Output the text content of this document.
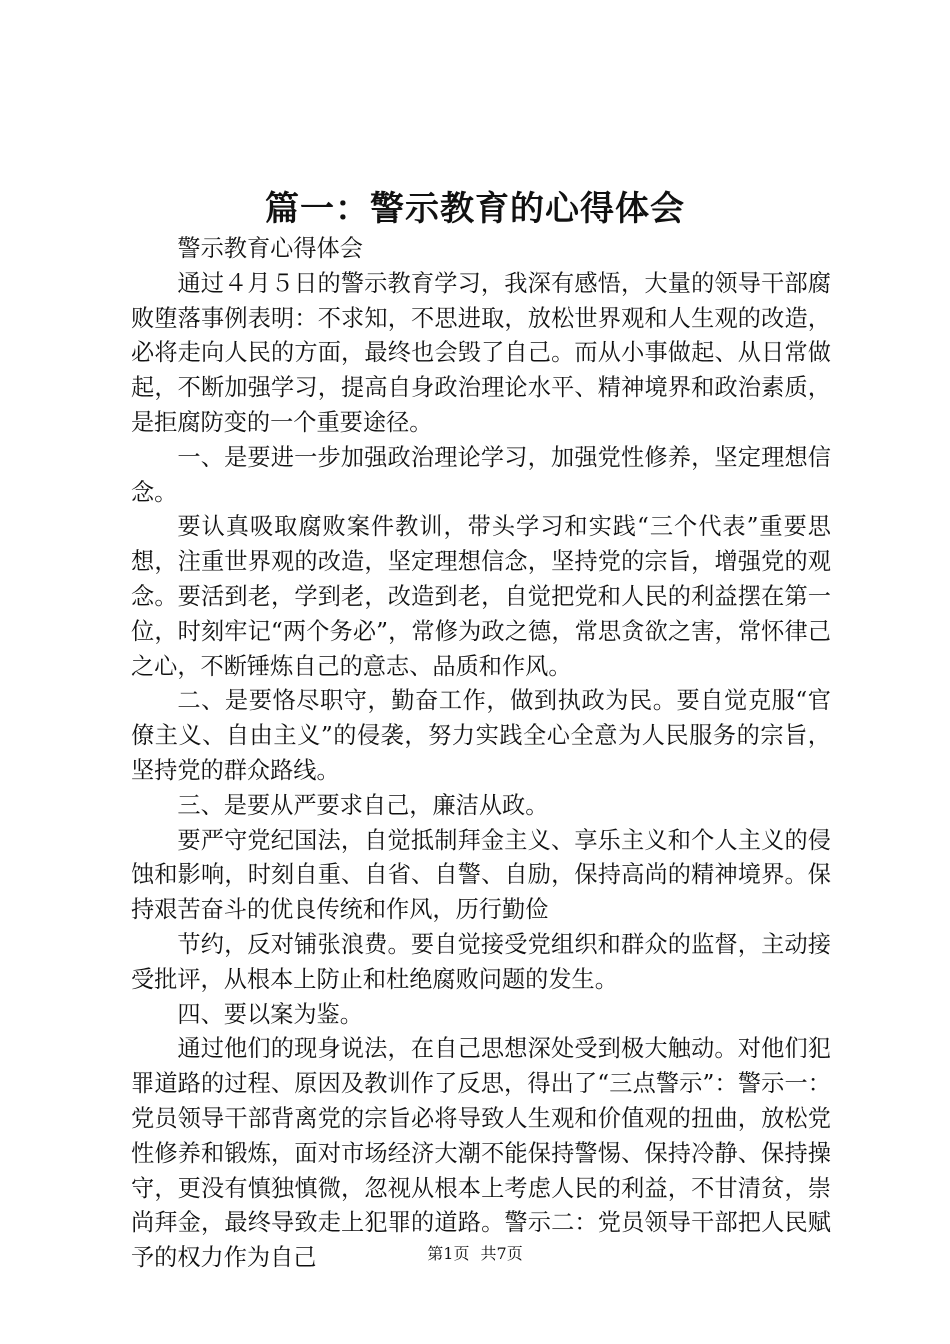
篇一：警示教育的心得体会

警示教育心得体会

通过４月５日的警示教育学习，我深有感悟，大量的领导干部腐败堕落事例表明：不求知，不思进取，放松世界观和人生观的改造，必将走向人民的方面，最终也会毁了自己。而从小事做起、从日常做起，不断加强学习，提高自身政治理论水平、精神境界和政治素质，是拒腐防变的一个重要途径。

一、是要进一步加强政治理论学习，加强党性修养，坚定理想信念。

要认真吸取腐败案件教训，带头学习和实践“三个代表”重要思想，注重世界观的改造，坚定理想信念，坚持党的宗旨，增强党的观念。要活到老，学到老，改造到老，自觉把党和人民的利益摆在第一位，时刻牢记“两个务必”，常修为政之德，常思贪欲之害，常怀律己之心，不断锤炼自己的意志、品质和作风。

二、是要恪尽职守，勤奋工作，做到执政为民。要自觉克服“官僚主义、自由主义”的侵袭，努力实践全心全意为人民服务的宗旨，坚持党的群众路线。

三、是要从严要求自己，廉洁从政。

要严守党纪国法，自觉抵制拜金主义、享乐主义和个人主义的侵蚀和影响，时刻自重、自省、自警、自励，保持高尚的精神境界。保持艰苦奋斗的优良传统和作风，历行勤俭

节约，反对铺张浪费。要自觉接受党组织和群众的监督，主动接受批评，从根本上防止和杜绝腐败问题的发生。

四、要以案为鉴。

通过他们的现身说法，在自己思想深处受到极大触动。对他们犯罪道路的过程、原因及教训作了反思，得出了“三点警示”：警示一：党员领导干部背离党的宗旨必将导致人生观和价值观的扭曲，放松党性修养和锻炼，面对市场经济大潮不能保持警惕、保持冷静、保持操守，更没有慎独慎微，忽视从根本上考虑人民的利益，不甘清贫，崇尚拜金，最终导致走上犯罪的道路。警示二：党员领导干部把人民赋予的权力作为自己	第1页 共7页
